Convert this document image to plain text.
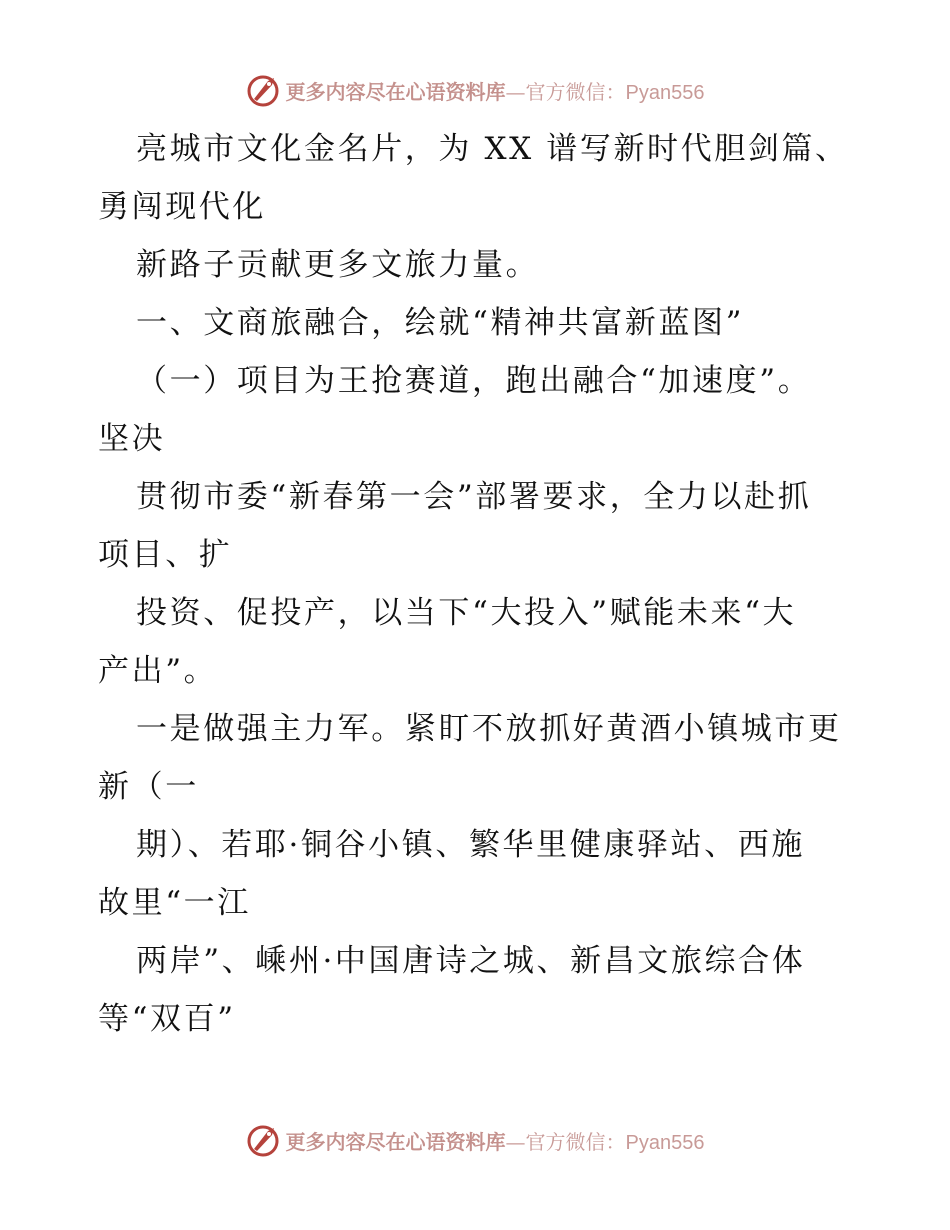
更多内容尽在心语资料库—官方微信：Pyan556
亮城市文化金名片，为 XX 谱写新时代胆剑篇、
勇闯现代化
新路子贡献更多文旅力量。
一、文商旅融合，绘就“精神共富新蓝图”
（一）项目为王抢赛道，跑出融合“加速度”。
坚决
贯彻市委“新春第一会”部署要求，全力以赴抓
项目、扩
投资、促投产，以当下“大投入”赋能未来“大
产出”。
一是做强主力军。紧盯不放抓好黄酒小镇城市更
新（一
期）、若耶·铜谷小镇、繁华里健康驿站、西施
故里“一江
两岸”、嵊州·中国唐诗之城、新昌文旅综合体
等“双百”
更多内容尽在心语资料库—官方微信：Pyan556
